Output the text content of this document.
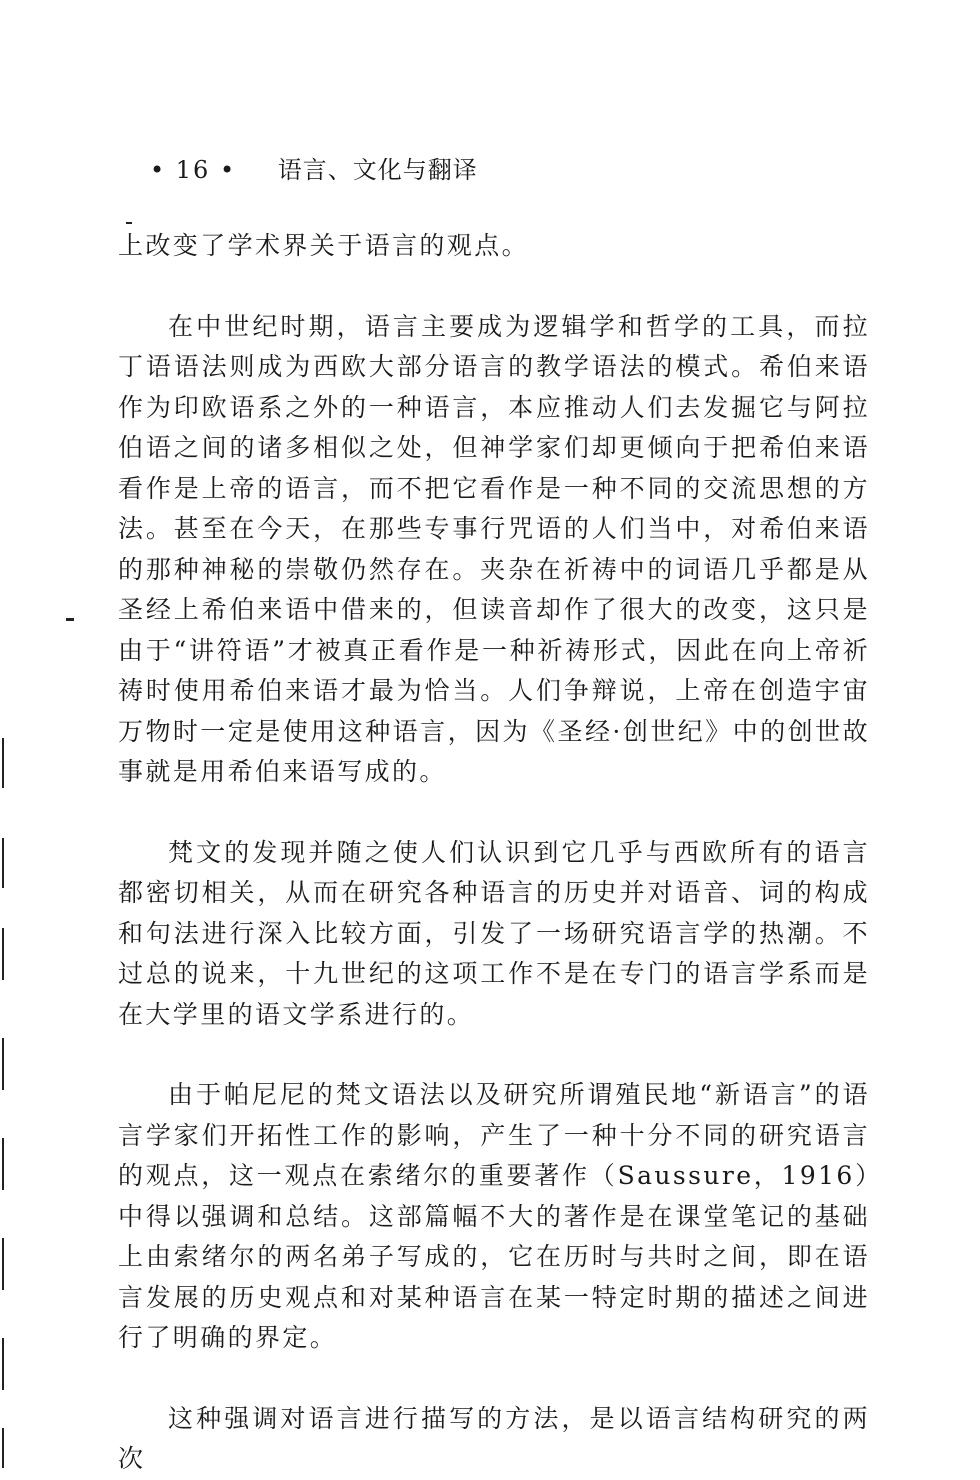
• 16 • 语言、文化与翻译

上改变了学术界关于语言的观点。

在中世纪时期，语言主要成为逻辑学和哲学的工具，而拉丁语语法则成为西欧大部分语言的教学语法的模式。希伯来语作为印欧语系之外的一种语言，本应推动人们去发掘它与阿拉伯语之间的诸多相似之处，但神学家们却更倾向于把希伯来语看作是上帝的语言，而不把它看作是一种不同的交流思想的方法。甚至在今天，在那些专事行咒语的人们当中，对希伯来语的那种神秘的崇敬仍然存在。夹杂在祈祷中的词语几乎都是从圣经上希伯来语中借来的，但读音却作了很大的改变，这只是由于“讲符语”才被真正看作是一种祈祷形式，因此在向上帝祈祷时使用希伯来语才最为恰当。人们争辩说，上帝在创造宇宙万物时一定是使用这种语言，因为《圣经·创世纪》中的创世故事就是用希伯来语写成的。

梵文的发现并随之使人们认识到它几乎与西欧所有的语言都密切相关，从而在研究各种语言的历史并对语音、词的构成和句法进行深入比较方面，引发了一场研究语言学的热潮。不过总的说来，十九世纪的这项工作不是在专门的语言学系而是在大学里的语文学系进行的。

由于帕尼尼的梵文语法以及研究所谓殖民地“新语言”的语言学家们开拓性工作的影响，产生了一种十分不同的研究语言的观点，这一观点在索绪尔的重要著作（Saussure，1916）中得以强调和总结。这部篇幅不大的著作是在课堂笔记的基础上由索绪尔的两名弟子写成的，它在历时与共时之间，即在语言发展的历史观点和对某种语言在某一特定时期的描述之间进行了明确的界定。

这种强调对语言进行描写的方法，是以语言结构研究的两次
